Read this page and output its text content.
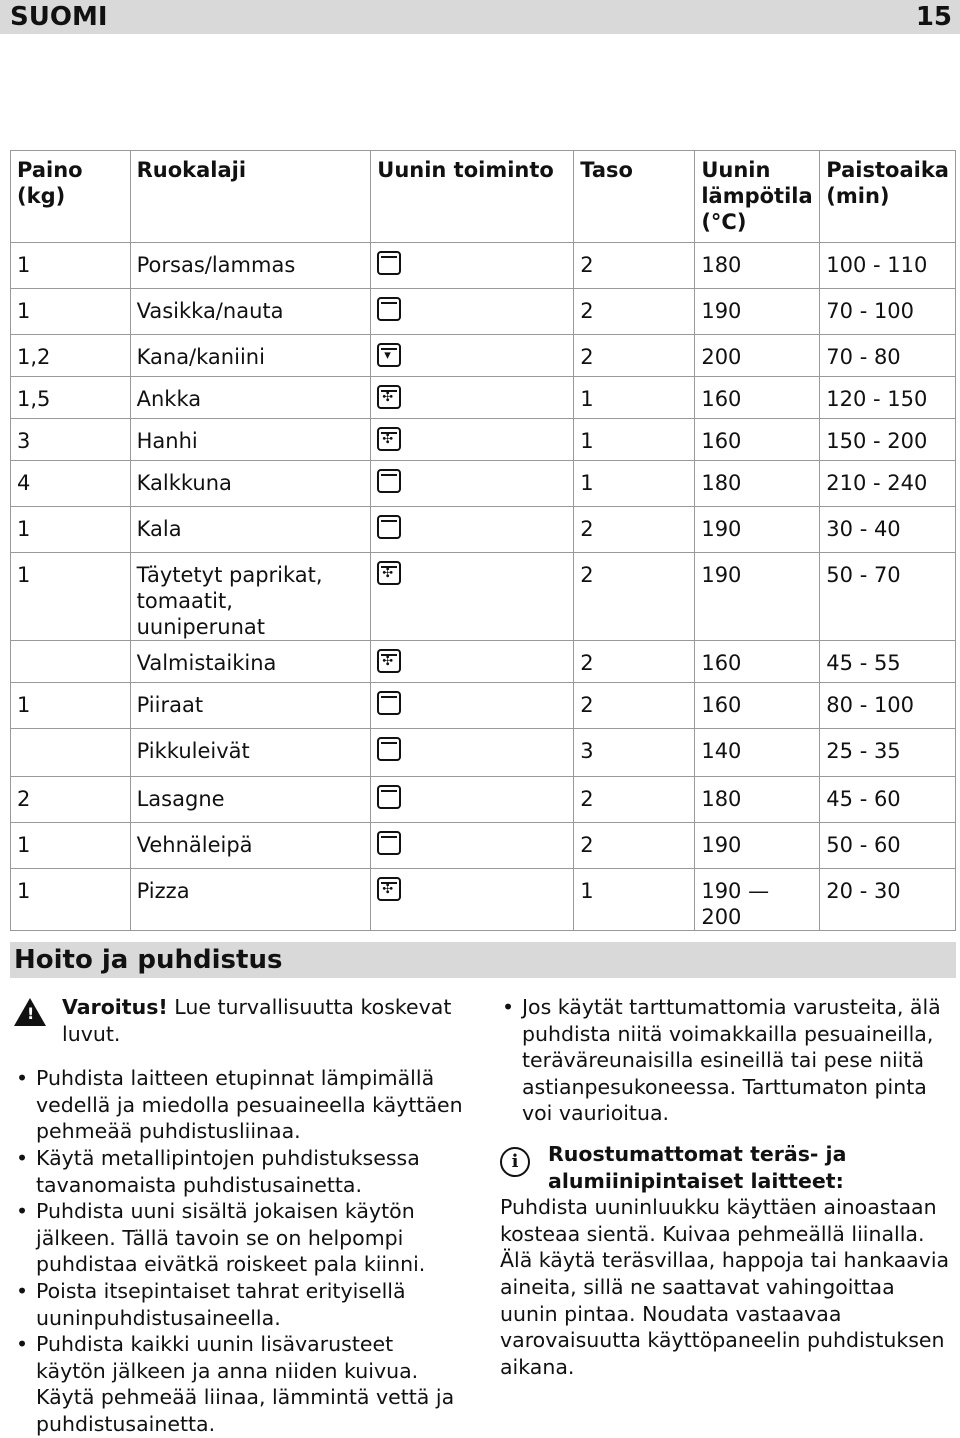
SUOMI	15
Paino (kg)	Ruokalaji	Uunin toiminto	Taso	Uunin lämpötila (°C)	Paistoaika (min)
1	Porsas/lammas		2	180	100 - 110
1	Vasikka/nauta		2	190	70 - 100
1,2	Kana/kaniini	▾	2	200	70 - 80
1,5	Ankka	✣	1	160	120 - 150
3	Hanhi	✣	1	160	150 - 200
4	Kalkkuna		1	180	210 - 240
1	Kala		2	190	30 - 40
1	Täytetyt paprikat, tomaatit, uuniperunat	✣	2	190	50 - 70
	Valmistaikina	✣	2	160	45 - 55
1	Piiraat		2	160	80 - 100
	Pikkuleivät		3	140	25 - 35
2	Lasagne		2	180	45 - 60
1	Vehnäleipä		2	190	50 - 60
1	Pizza	✣	1	190 — 200	20 - 30
Hoito ja puhdistus
!
Varoitus! Lue turvallisuutta koskevat luvut.
• Puhdista laitteen etupinnat lämpimällä vedellä ja miedolla pesuaineella käyttäen pehmeää puhdistusliinaa.
• Käytä metallipintojen puhdistuksessa tavanomaista puhdistusainetta.
• Puhdista uuni sisältä jokaisen käytön jälkeen. Tällä tavoin se on helpompi puhdistaa eivätkä roiskeet pala kiinni.
• Poista itsepintaiset tahrat erityisellä uuninpuhdistusaineella.
• Puhdista kaikki uunin lisävarusteet käytön jälkeen ja anna niiden kuivua. Käytä pehmeää liinaa, lämmintä vettä ja puhdistusainetta.
• Jos käytät tarttumattomia varusteita, älä puhdista niitä voimakkailla pesuaineilla, teräväreunaisilla esineillä tai pese niitä astianpesukoneessa. Tarttumaton pinta voi vaurioitua.
i	Ruostumattomat teräs- ja alumiinipintaiset laitteet:
Puhdista uuninluukku käyttäen ainoastaan kosteaa sientä. Kuivaa pehmeällä liinalla. Älä käytä teräsvillaa, happoja tai hankaavia aineita, sillä ne saattavat vahingoittaa uunin pintaa. Noudata vastaavaa varovaisuutta käyttöpaneelin puhdistuksen aikana.
